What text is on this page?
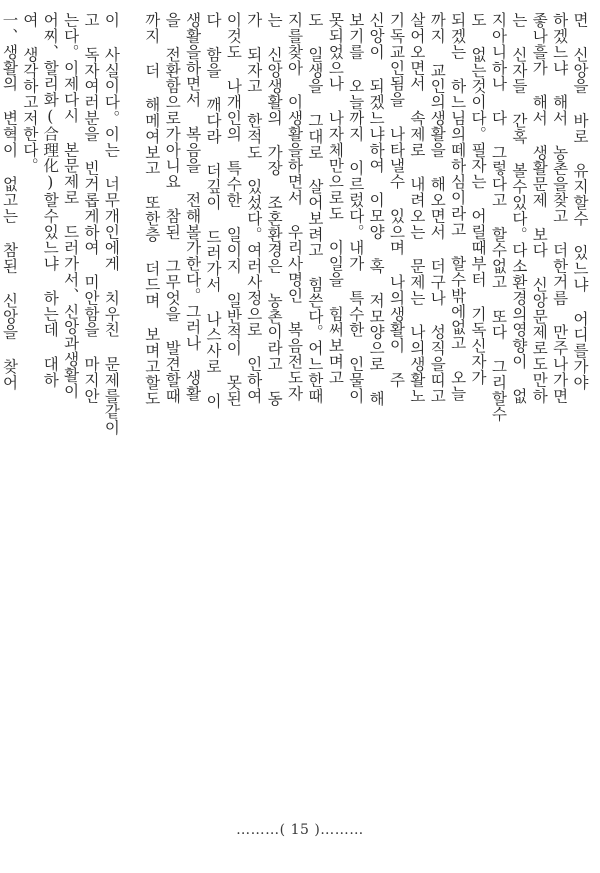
면 신앙을 바로 유지할수 있느냐 어디를가야
하겠느냐 해서 농촌을찾고 더한거름 만주나가면
좋나흘가 해서 생활문제 보다 신앙문제로도만하
는 신자들 간혹 볼수있다。다소환경의영향이 없
지아니하나 다 그렇다고 할수없고 또다 그리할수
도 없는것이다。필자는 어릴때부터 기독신자가
되겠는 하느님의떼하심이라고 할수밖에없고 오늘
까지 교인의생활을 해오면서 더구나 성직을띠고
살어오면서 속제로 내려오는 문제는 나의생활노
기독교인됨을 나타낼수 있으며 나의생활이 주
신앙이 되겠느냐하여 이모양 혹 저모양으로 해
보기를 오늘까지 이르렀다。내가 특수한 인물이
못되었으나 나자체만으로도 이일을 힘써보며고
도 일생을 그대로 살어보려고 힘쓴다。어느한때
지를찾아 이생활을하면서 우리사명인 복음전도자
는 신앙생활의 가장 조혼환경은 농촌이라고 동
가 되자고 한적도 있섰다。여러사정으로 인하여
이것도 나개인의 특수한 일이지 일반적이 못된
다 함을 깨다라 더깊이 드러가서 나스사로 이
생활을하면서 복음을 전해볼가한다。그러나 생활
을 전환함으로가아니요 참된 그무엇을 발견할때
까지 더 해메여보고 또한층 더드며 보며고할도
이 사실이다。이는 너무개인에게 치우친 문제를같이
고 독자여러분을 빈거롭게하여 미안함을 마지안
는다。이제다시 본문제로 드러가서、신앙과생활이
어찌、할리화(合理化)할수있느냐 하는데 대하
여 생각하고저한다。
一、생활의 변혁이 없고는 참된 신앙을 찾어
………( 15 )………
